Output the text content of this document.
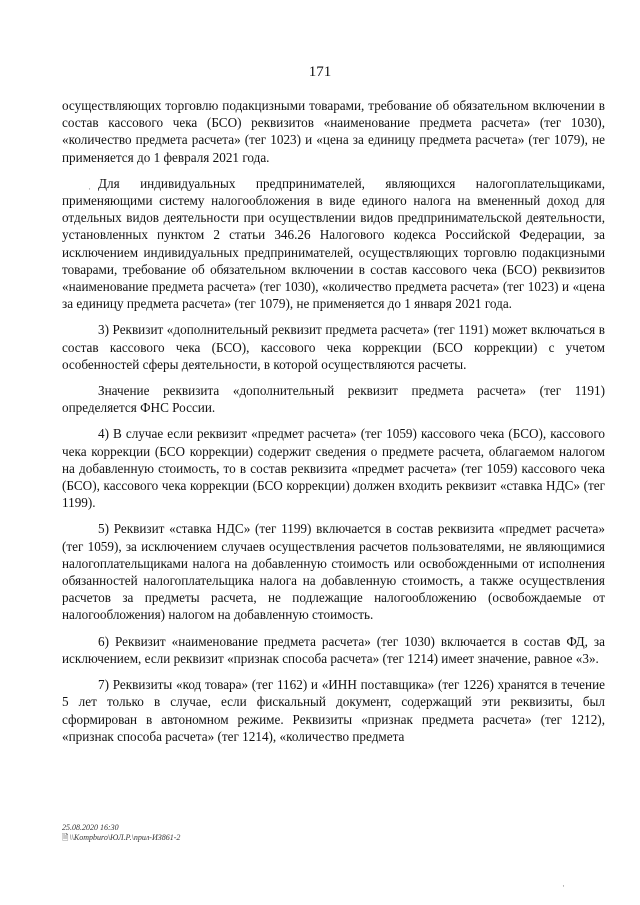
171

осуществляющих торговлю подакцизными товарами, требование об обязательном включении в состав кассового чека (БСО) реквизитов «наименование предмета расчета» (тег 1030), «количество предмета расчета» (тег 1023) и «цена за единицу предмета расчета» (тег 1079), не применяется до 1 февраля 2021 года.

Для индивидуальных предпринимателей, являющихся налогоплательщиками, применяющими систему налогообложения в виде единого налога на вмененный доход для отдельных видов деятельности при осуществлении видов предпринимательской деятельности, установленных пунктом 2 статьи 346.26 Налогового кодекса Российской Федерации, за исключением индивидуальных предпринимателей, осуществляющих торговлю подакцизными товарами, требование об обязательном включении в состав кассового чека (БСО) реквизитов «наименование предмета расчета» (тег 1030), «количество предмета расчета» (тег 1023) и «цена за единицу предмета расчета» (тег 1079), не применяется до 1 января 2021 года.

3) Реквизит «дополнительный реквизит предмета расчета» (тег 1191) может включаться в состав кассового чека (БСО), кассового чека коррекции (БСО коррекции) с учетом особенностей сферы деятельности, в которой осуществляются расчеты.

Значение реквизита «дополнительный реквизит предмета расчета» (тег 1191) определяется ФНС России.

4) В случае если реквизит «предмет расчета» (тег 1059) кассового чека (БСО), кассового чека коррекции (БСО коррекции) содержит сведения о предмете расчета, облагаемом налогом на добавленную стоимость, то в состав реквизита «предмет расчета» (тег 1059) кассового чека (БСО), кассового чека коррекции (БСО коррекции) должен входить реквизит «ставка НДС» (тег 1199).

5) Реквизит «ставка НДС» (тег 1199) включается в состав реквизита «предмет расчета» (тег 1059), за исключением случаев осуществления расчетов пользователями, не являющимися налогоплательщиками налога на добавленную стоимость или освобожденными от исполнения обязанностей налогоплательщика налога на добавленную стоимость, а также осуществления расчетов за предметы расчета, не подлежащие налогообложению (освобождаемые от налогообложения) налогом на добавленную стоимость.

6) Реквизит «наименование предмета расчета» (тег 1030) включается в состав ФД, за исключением, если реквизит «признак способа расчета» (тег 1214) имеет значение, равное «3».

7) Реквизиты «код товара» (тег 1162) и «ИНН поставщика» (тег 1226) хранятся в течение 5 лет только в случае, если фискальный документ, содержащий эти реквизиты, был сформирован в автономном режиме. Реквизиты «признак предмета расчета» (тег 1212), «признак способа расчета» (тег 1214), «количество предмета

25.08.2020 16:30
🗎\\Kompburo\ЮЛ.Р.\прил-ИЗ861-2
·
·
